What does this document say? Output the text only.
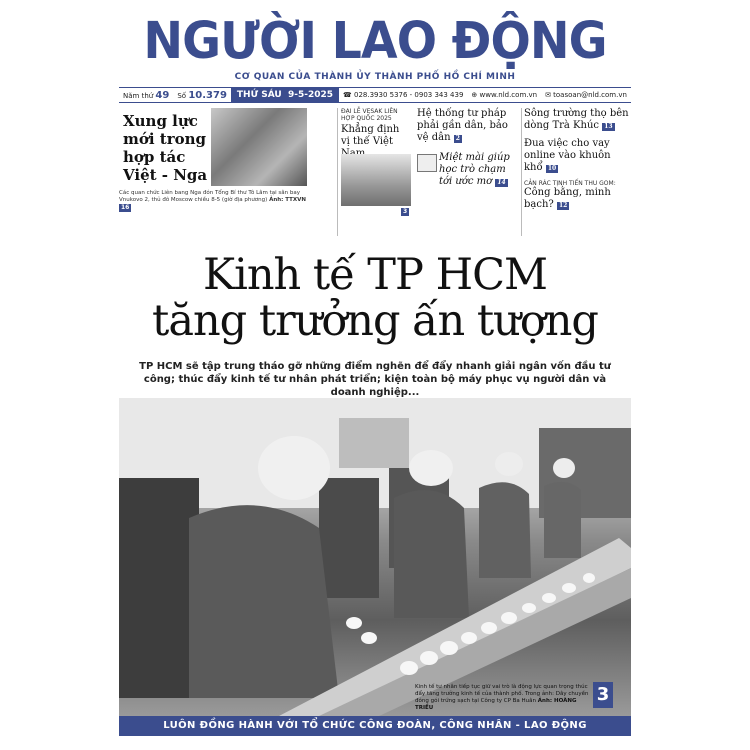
NGƯỜI LAO ĐỘNG
CƠ QUAN CỦA THÀNH ỦY THÀNH PHỐ HỒ CHÍ MINH
Năm thứ 49	Số 10.379	THỨ SÁU 9-5-2025	☎ 028.3930 5376 - 0903 343 439	⊕ www.nld.com.vn	✉ toasoan@nld.com.vn
Xung lực mới trong hợp tác Việt - Nga
Các quan chức Liên bang Nga đón Tổng Bí thư Tô Lâm tại sân bay Vnukovo 2, thủ đô Moscow chiều 8-5 (giờ địa phương) Ảnh: TTXVN 16
ĐẠI LỄ VESAK LIÊN HỢP QUỐC 2025
Khẳng định vị thế Việt
3
Hệ thống tư pháp phải gần dân, bảo vệ dân 2
Miệt mài giúp học trò chạm tới ước mơ 14
Sông trường thọ bên dòng Trà Khúc 13
Đua việc cho vay online vào khuôn khổ 10
CẢN RÁC TỊNH TIẾN THU GOM:
Công bằng, minh bạch? 12
Kinh tế TP HCM
tăng trưởng ấn tượng
TP HCM sẽ tập trung tháo gỡ những điểm nghẽn để đẩy nhanh giải ngân vốn đầu tư công; thúc đẩy kinh tế tư nhân phát triển; kiện toàn bộ máy phục vụ người dân và doanh nghiệp...
Kinh tế tư nhân tiếp tục giữ vai trò là động lực quan trọng thúc đẩy tăng trưởng kinh tế của thành phố. Trong ảnh: Dây chuyền đóng gói trứng sạch tại Công ty CP Ba Huân Ảnh: HOÀNG TRIỀU
3
LUÔN ĐỒNG HÀNH VỚI TỔ CHỨC CÔNG ĐOÀN, CÔNG NHÂN - LAO ĐỘNG
